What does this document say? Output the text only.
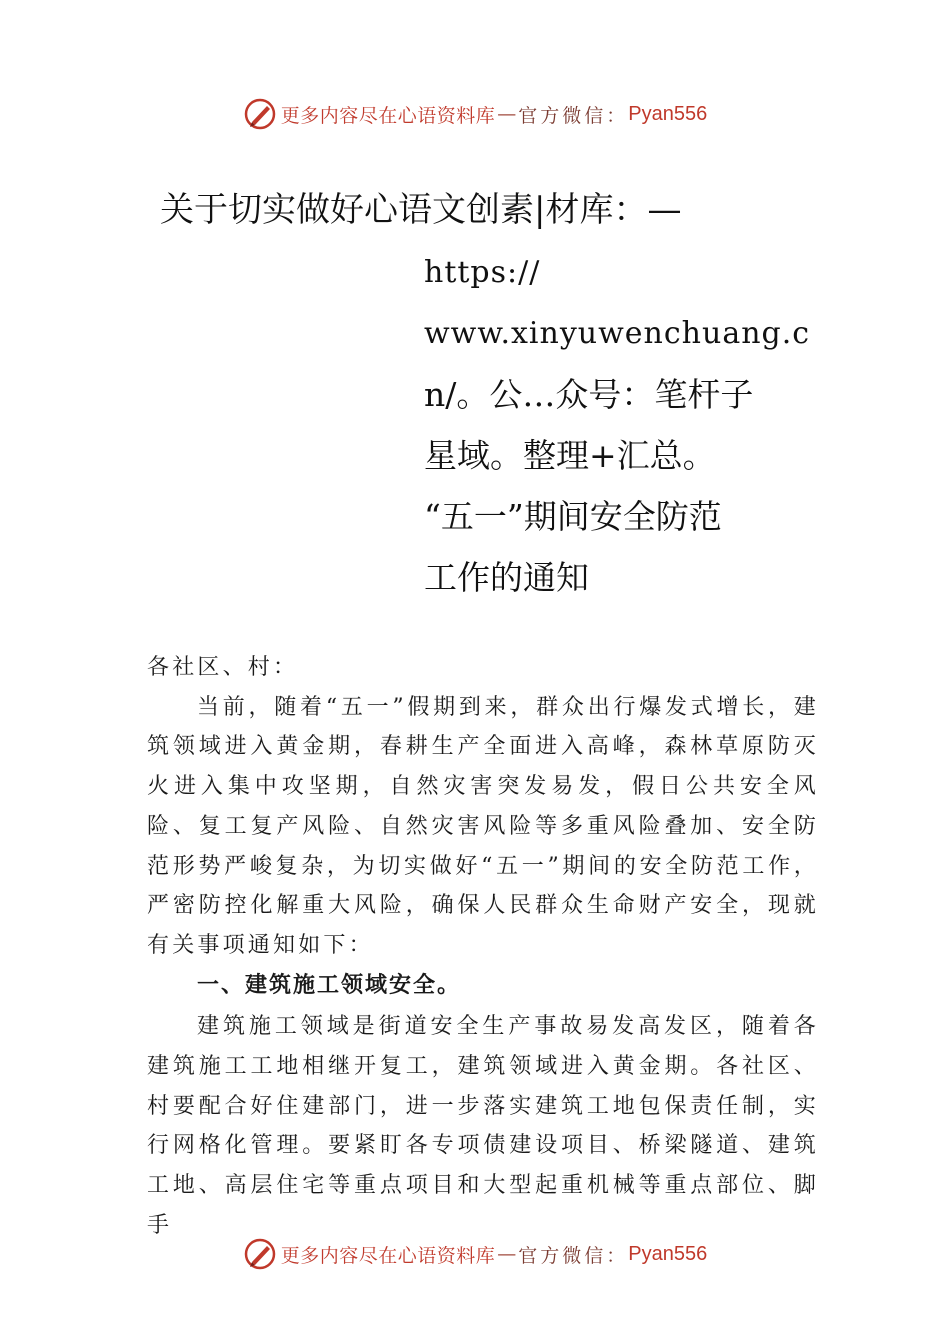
更多内容尽在心语资料库 — 官方微信： Pyan556
关于切实做好心语文创素|材库：—
https://
www.xinyuwenchuang.c
n/。公…众号：笔杆子
星域。整理+汇总。
“五一”期间安全防范
工作的通知

各社区、村：

当前，随着“五一”假期到来，群众出行爆发式增长，建筑领域进入黄金期，春耕生产全面进入高峰，森林草原防灭火进入集中攻坚期，自然灾害突发易发，假日公共安全风险、复工复产风险、自然灾害风险等多重风险叠加、安全防范形势严峻复杂，为切实做好“五一”期间的安全防范工作，严密防控化解重大风险，确保人民群众生命财产安全，现就有关事项通知如下：

一、建筑施工领域安全。

建筑施工领域是街道安全生产事故易发高发区，随着各建筑施工工地相继开复工，建筑领域进入黄金期。各社区、 村要配合好住建部门，进一步落实建筑工地包保责任制，实行网格化管理。要紧盯各专项债建设项目、桥梁隧道、建筑工地、高层住宅等重点项目和大型起重机械等重点部位、脚手

更多内容尽在心语资料库 — 官方微信： Pyan556
